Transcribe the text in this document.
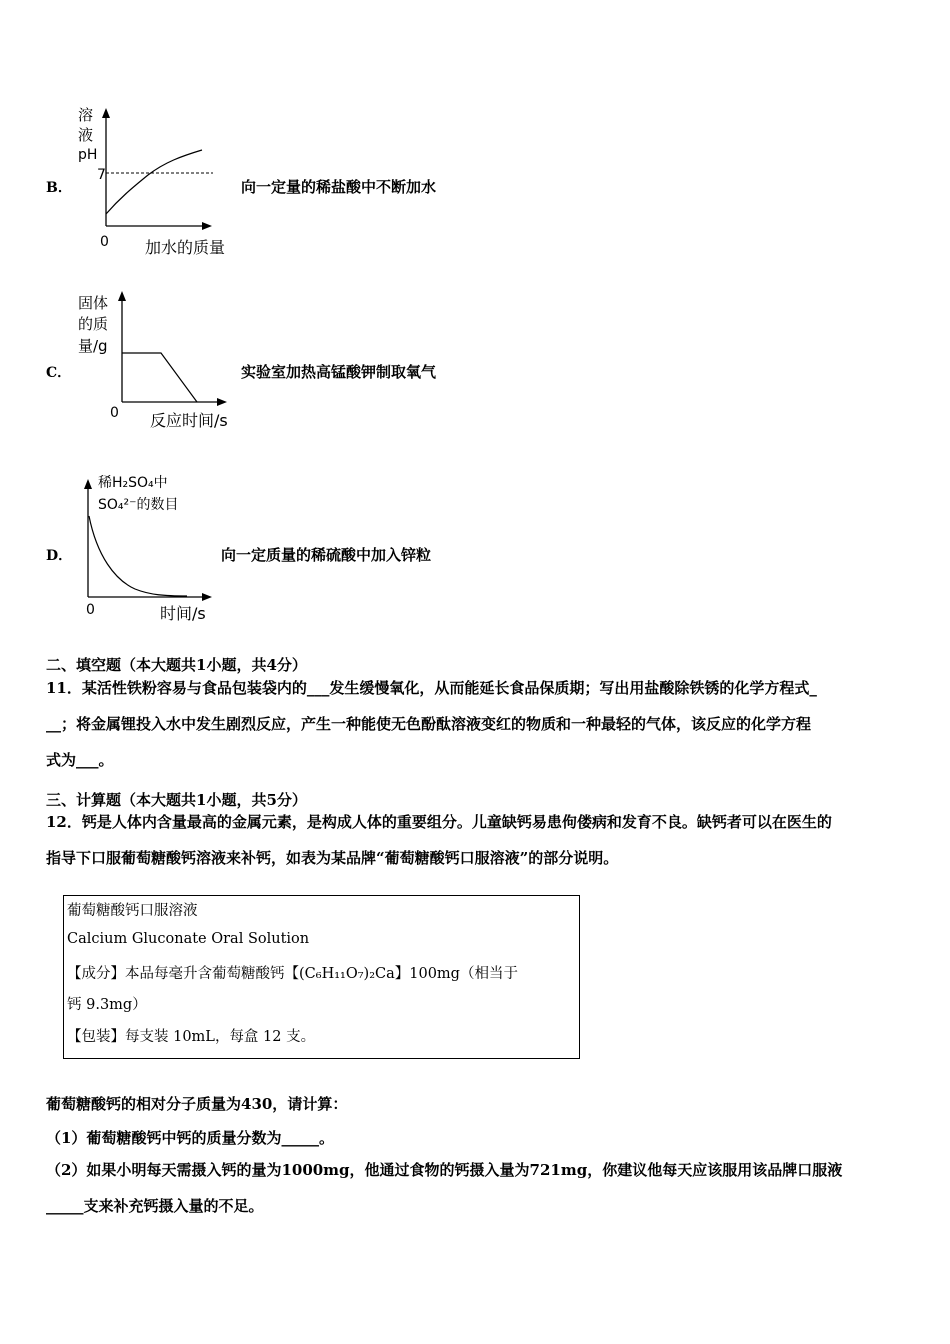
B．
溶
液
pH
7
0 加水的质量
向一定量的稀盐酸中不断加水
C．
固体
的质
量/g
0 反应时间/s
实验室加热高锰酸钾制取氧气
D．
稀H₂SO₄中
SO₄²⁻的数目
0	时间/s
向一定质量的稀硫酸中加入锌粒
二、填空题（本大题共1小题，共4分）
11．某活性铁粉容易与食品包装袋内的___发生缓慢氧化，从而能延长食品保质期；写出用盐酸除铁锈的化学方程式_
__；将金属锂投入水中发生剧烈反应，产生一种能使无色酚酞溶液变红的物质和一种最轻的气体，该反应的化学方程
式为___。
三、计算题（本大题共1小题，共5分）
12．钙是人体内含量最高的金属元素，是构成人体的重要组分。儿童缺钙易患佝偻病和发育不良。缺钙者可以在医生的
指导下口服葡萄糖酸钙溶液来补钙，如表为某品牌“葡萄糖酸钙口服溶液”的部分说明。
葡萄糖酸钙口服溶液
Calcium Gluconate Oral Solution
【成分】本品每毫升含葡萄糖酸钙【(C₆H₁₁O₇)₂Ca】100mg（相当于
钙 9.3mg）
【包装】每支装 10mL，每盒 12 支。
葡萄糖酸钙的相对分子质量为430，请计算：
（1）葡萄糖酸钙中钙的质量分数为_____。
（2）如果小明每天需摄入钙的量为1000mg，他通过食物的钙摄入量为721mg，你建议他每天应该服用该品牌口服液
_____支来补充钙摄入量的不足。
